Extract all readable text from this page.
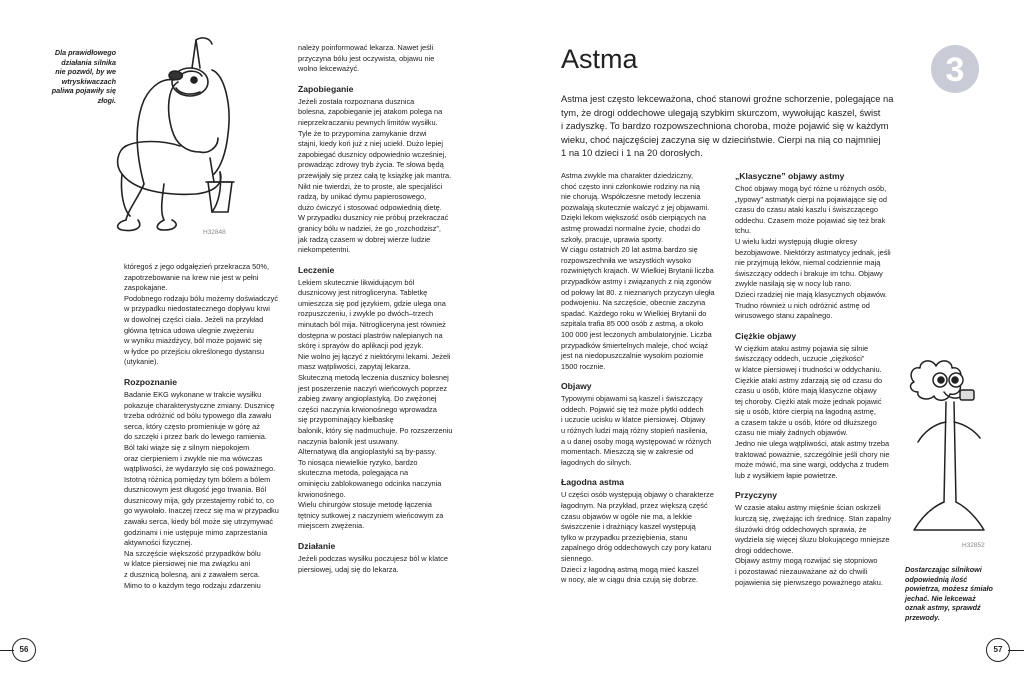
Dla prawidłowego
działania silnika
nie pozwól, by we
wtryskiwaczach
paliwa pojawiły się
złogi.
H32848

któregoś z jego odgałęzień przekracza 50%,
zapotrzebowanie na krew nie jest w pełni
zaspokajane.
Podobnego rodzaju bólu możemy doświadczyć
w przypadku niedostatecznego dopływu krwi
w dowolnej części ciała. Jeżeli na przykład
główna tętnica udowa ulegnie zwężeniu
w wyniku miażdżycy, ból może pojawić się
w łydce po przejściu określonego dystansu
(utykanie).

Rozpoznanie

Badanie EKG wykonane w trakcie wysiłku
pokazuje charakterystyczne zmiany. Dusznicę
trzeba odróżnić od bólu typowego dla zawału
serca, który często promieniuje w górę aż
do szczęki i przez bark do lewego ramienia.
Ból taki wiąże się z silnym niepokojem
oraz cierpieniem i zwykle nie ma wówczas
wątpliwości, że wydarzyło się coś poważnego.
Istotną różnicą pomiędzy tym bólem a bólem
dusznicowym jest długość jego trwania. Ból
dusznicowy mija, gdy przestajemy robić to, co
go wywołało. Inaczej rzecz się ma w przypadku
zawału serca, kiedy ból może się utrzymywać
godzinami i nie ustępuje mimo zaprzestania
aktywności fizycznej.
Na szczęście większość przypadków bólu
w klatce piersiowej nie ma związku ani
z dusznicą bolesną, ani z zawałem serca.
Mimo to o każdym tego rodzaju zdarzeniu

należy poinformować lekarza. Nawet jeśli
przyczyna bólu jest oczywista, objawu nie
wolno lekceważyć.

Zapobieganie

Jeżeli została rozpoznana dusznica
bolesna, zapobieganie jej atakom polega na
nieprzekraczaniu pewnych limitów wysiłku.
Tyle że to przypomina zamykanie drzwi
stajni, kiedy koń już z niej uciekł. Dużo lepiej
zapobiegać dusznicy odpowiednio wcześniej,
prowadząc zdrowy tryb życia. Te słowa będą
przewijały się przez całą tę książkę jak mantra.
Nikt nie twierdzi, że to proste, ale specjaliści
radzą, by unikać dymu papierosowego,
dużo ćwiczyć i stosować odpowiednią dietę.
W przypadku dusznicy nie próbuj przekraczać
granicy bólu w nadziei, że go „rozchodzisz”,
jak radzą czasem w dobrej wierze ludzie
niekompetentni.

Leczenie

Lekiem skutecznie likwidującym ból
dusznicowy jest nitrogliceryna. Tabletkę
umieszcza się pod językiem, gdzie ulega ona
rozpuszczeniu, i zwykle po dwóch–trzech
minutach ból mija. Nitrogliceryna jest również
dostępna w postaci plastrów nalepianych na
skórę i sprayów do aplikacji pod język.
Nie wolno jej łączyć z niektórymi lekami. Jeżeli
masz wątpliwości, zapytaj lekarza.
Skuteczną metodą leczenia dusznicy bolesnej
jest poszerzenie naczyń wieńcowych poprzez
zabieg zwany angioplastyką. Do zwężonej
części naczynia krwionośnego wprowadza
się przypominający kiełbaskę
balonik, który się nadmuchuje. Po rozszerzeniu
naczynia balonik jest usuwany.
Alternatywą dla angioplastyki są by-passy.
To niosąca niewielkie ryzyko, bardzo
skuteczna metoda, polegająca na
ominięciu zablokowanego odcinka naczynia
krwionośnego.
Wielu chirurgów stosuje metodę łączenia
tętnicy sutkowej z naczyniem wieńcowym za
miejscem zwężenia.

Działanie

Jeżeli podczas wysiłku poczujesz ból w klatce
piersiowej, udaj się do lekarza.

56
Astma	3

Astma jest często lekceważona, choć stanowi groźne schorzenie, polegające na
tym, że drogi oddechowe ulegają szybkim skurczom, wywołując kaszel, świst
i zadyszkę. To bardzo rozpowszechniona choroba, może pojawić się w każdym
wieku, choć najczęściej zaczyna się w dzieciństwie. Cierpi na nią co najmniej
1 na 10 dzieci i 1 na 20 dorosłych.

Astma zwykle ma charakter dziedziczny,
choć często inni członkowie rodziny na nią
nie chorują. Współczesne metody leczenia
pozwalają skutecznie walczyć z jej objawami.
Dzięki lekom większość osób cierpiących na
astmę prowadzi normalne życie, chodzi do
szkoły, pracuje, uprawia sporty.
W ciągu ostatnich 20 lat astma bardzo się
rozpowszechniła we wszystkich wysoko
rozwiniętych krajach. W Wielkiej Brytanii liczba
przypadków astmy i związanych z nią zgonów
od połowy lat 80. z nieznanych przyczyn uległa
podwojeniu. Na szczęście, obecnie zaczyna
spadać. Każdego roku w Wielkiej Brytanii do
szpitala trafia 85 000 osób z astmą, a około
100 000 jest leczonych ambulatoryjnie. Liczba
przypadków śmiertelnych maleje, choć wciąż
jest na niedopuszczalnie wysokim poziomie
1500 rocznie.

Objawy

Typowymi objawami są kaszel i świszczący
oddech. Pojawić się też może płytki oddech
i uczucie ucisku w klatce piersiowej. Objawy
u różnych ludzi mają różny stopień nasilenia,
a u danej osoby mogą występować w różnych
momentach. Mieszczą się w zakresie od
łagodnych do silnych.

Łagodna astma

U części osób występują objawy o charakterze
łagodnym. Na przykład, przez większą część
czasu objawów w ogóle nie ma, a lekkie
świszczenie i drażniący kaszel występują
tylko w przypadku przeziębienia, stanu
zapalnego dróg oddechowych czy pory kataru
siennego.
Dzieci z łagodną astmą mogą mieć kaszel
w nocy, ale w ciągu dnia czują się dobrze.

„Klasyczne” objawy astmy

Choć objawy mogą być różne u różnych osób,
„typowy” astmatyk cierpi na pojawiające się od
czasu do czasu ataki kaszlu i świszczącego
oddechu. Czasem może pojawiać się też brak
tchu.
U wielu ludzi występują długie okresy
bezobjawowe. Niektórzy astmatycy jednak, jeśli
nie przyjmują leków, niemal codziennie mają
świszczący oddech i brakuje im tchu. Objawy
zwykle nasilają się w nocy lub rano.
Dzieci rzadziej nie mają klasycznych objawów.
Trudno również u nich odróżnić astmę od
wirusowego stanu zapalnego.

Ciężkie objawy

W ciężkim ataku astmy pojawia się silnie
świszczący oddech, uczucie „ciężkości”
w klatce piersiowej i trudności w oddychaniu.
Ciężkie ataki astmy zdarzają się od czasu do
czasu u osób, które mają klasyczne objawy
tej choroby. Ciężki atak może jednak pojawić
się u osób, które cierpią na łagodną astmę,
a czasem także u osób, które od dłuższego
czasu nie miały żadnych objawów.
Jedno nie ulega wątpliwości, atak astmy trzeba
traktować poważnie, szczególnie jeśli chory nie
może mówić, ma sine wargi, oddycha z trudem
lub z wysiłkiem łapie powietrze.

Przyczyny

W czasie ataku astmy mięśnie ścian oskrzeli
kurczą się, zwężając ich średnicę. Stan zapalny
śluzówki dróg oddechowych sprawia, że
wydziela się więcej śluzu blokującego mniejsze
drogi oddechowe.
Objawy astmy mogą rozwijać się stopniowo
i pozostawać niezauważane aż do chwili
pojawienia się pierwszego poważnego ataku.

H32852
Dostarczając silnikowi
odpowiednią ilość
powietrza, możesz śmiało
jechać. Nie lekceważ
oznak astmy, sprawdź
przewody.
57
